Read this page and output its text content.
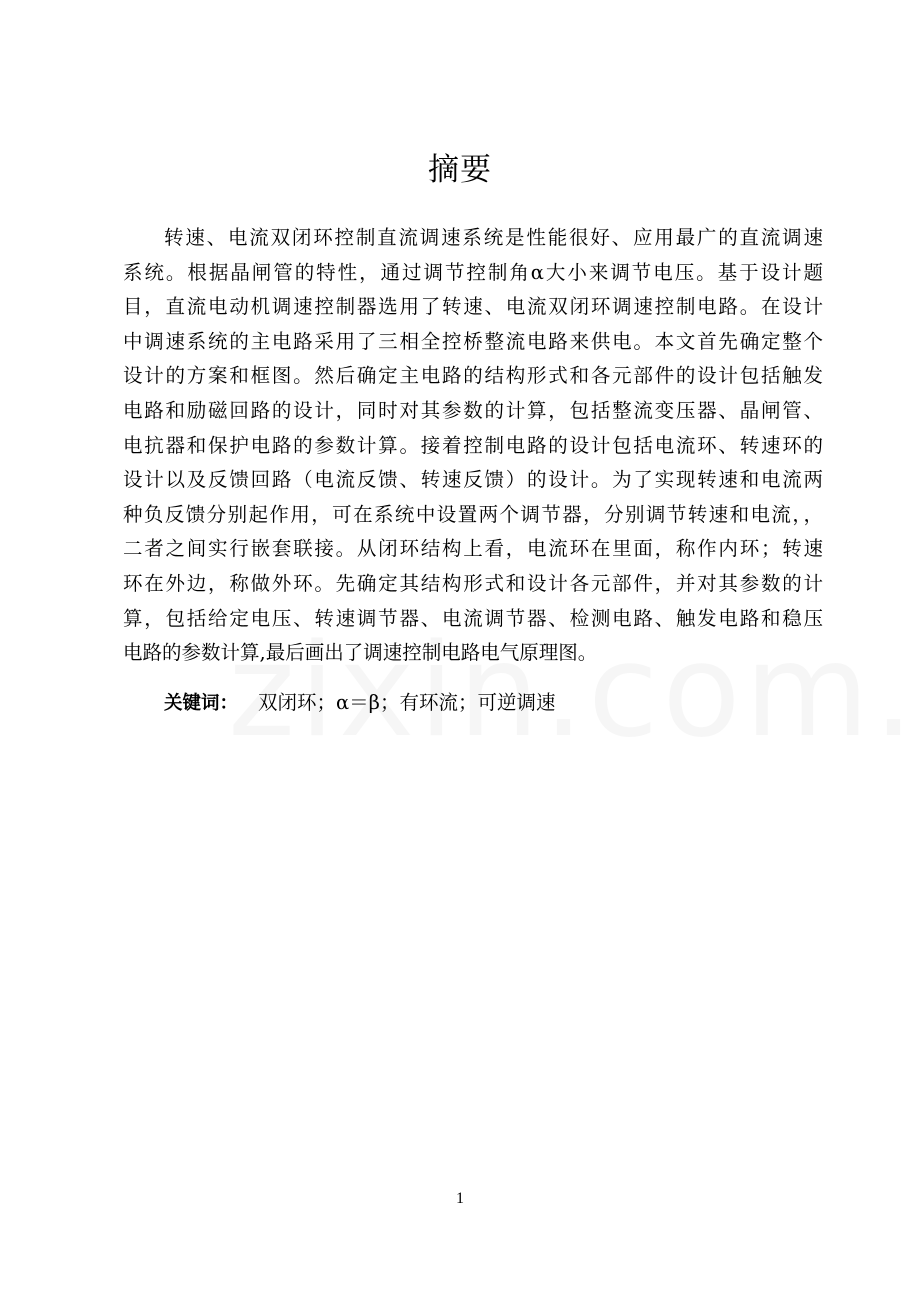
摘要
转速、电流双闭环控制直流调速系统是性能很好、应用最广的直流调速
系统。根据晶闸管的特性，通过调节控制角α大小来调节电压。基于设计题
目，直流电动机调速控制器选用了转速、电流双闭环调速控制电路。在设计
中调速系统的主电路采用了三相全控桥整流电路来供电。本文首先确定整个
设计的方案和框图。然后确定主电路的结构形式和各元部件的设计包括触发
电路和励磁回路的设计，同时对其参数的计算，包括整流变压器、晶闸管、
电抗器和保护电路的参数计算。接着控制电路的设计包括电流环、转速环的
设计以及反馈回路（电流反馈、转速反馈）的设计。为了实现转速和电流两
种负反馈分别起作用，可在系统中设置两个调节器，分别调节转速和电流，，
二者之间实行嵌套联接。从闭环结构上看，电流环在里面，称作内环；转速
环在外边，称做外环。先确定其结构形式和设计各元部件，并对其参数的计
算，包括给定电压、转速调节器、电流调节器、检测电路、触发电路和稳压
电路的参数计算,最后画出了调速控制电路电气原理图。
关键词： 双闭环；α＝β；有环流；可逆调速
1
